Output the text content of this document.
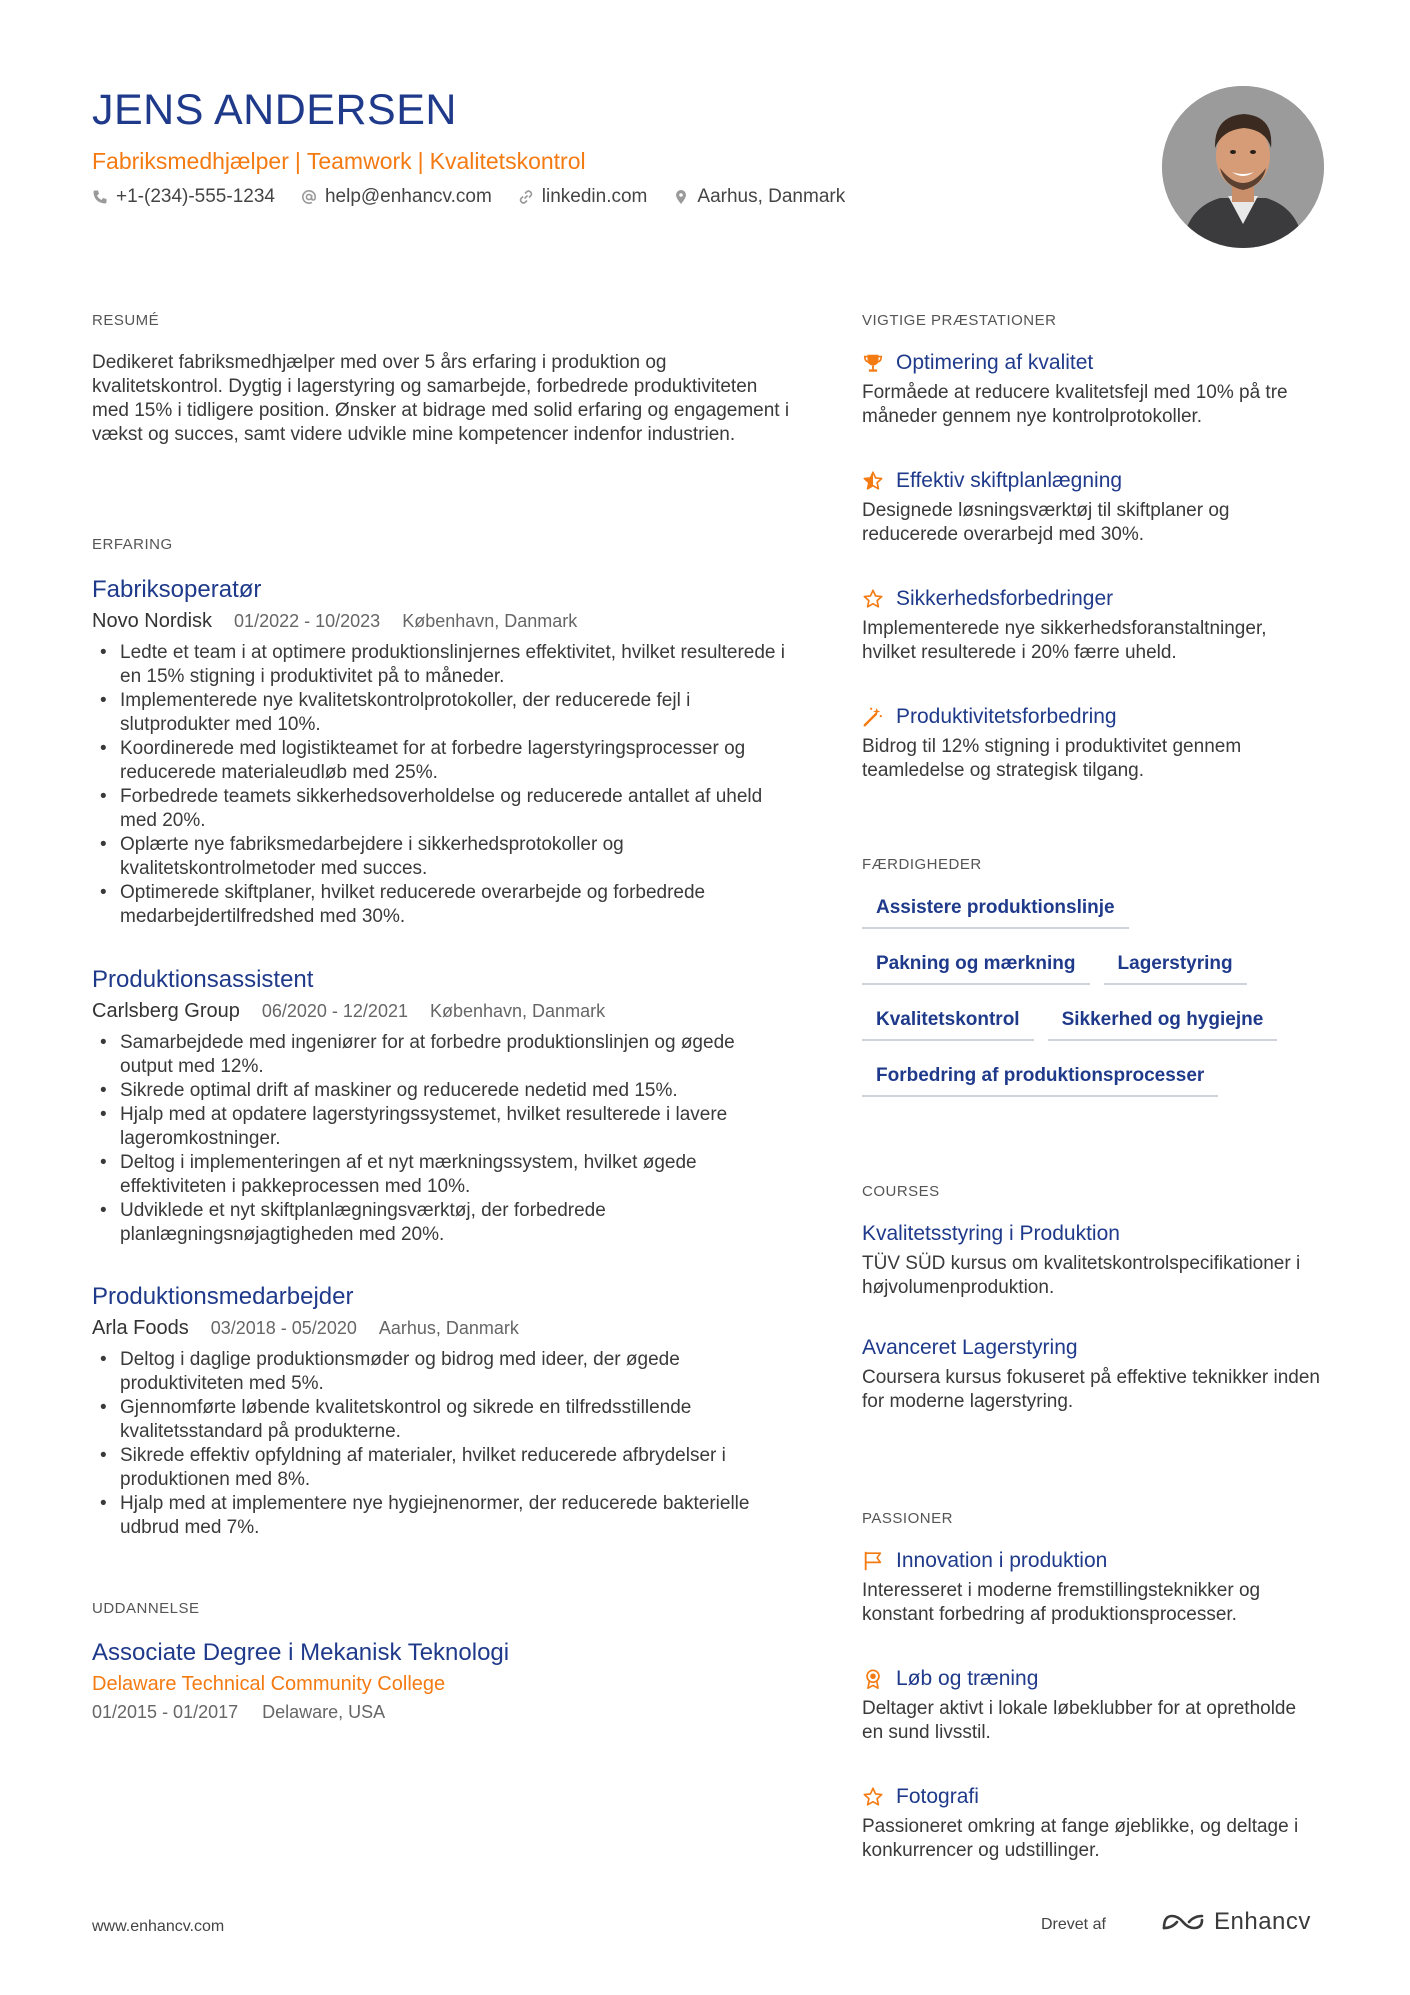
JENS ANDERSEN
Fabriksmedhjælper | Teamwork | Kvalitetskontrol
+1-(234)-555-1234	help@enhancv.com	linkedin.com	Aarhus, Danmark
RESUMÉ
Dedikeret fabriksmedhjælper med over 5 års erfaring i produktion og kvalitetskontrol. Dygtig i lagerstyring og samarbejde, forbedrede produktiviteten med 15% i tidligere position. Ønsker at bidrage med solid erfaring og engagement i vækst og succes, samt videre udvikle mine kompetencer indenfor industrien.
ERFARING
Fabriksoperatør
Novo Nordisk 01/2022 - 10/2023 København, Danmark
• Ledte et team i at optimere produktionslinjernes effektivitet, hvilket resulterede i en 15% stigning i produktivitet på to måneder.
• Implementerede nye kvalitetskontrolprotokoller, der reducerede fejl i slutprodukter med 10%.
• Koordinerede med logistikteamet for at forbedre lagerstyringsprocesser og reducerede materialeudløb med 25%.
• Forbedrede teamets sikkerhedsoverholdelse og reducerede antallet af uheld med 20%.
• Oplærte nye fabriksmedarbejdere i sikkerhedsprotokoller og kvalitetskontrolmetoder med succes.
• Optimerede skiftplaner, hvilket reducerede overarbejde og forbedrede medarbejdertilfredshed med 30%.
Produktionsassistent
Carlsberg Group 06/2020 - 12/2021 København, Danmark
• Samarbejdede med ingeniører for at forbedre produktionslinjen og øgede output med 12%.
• Sikrede optimal drift af maskiner og reducerede nedetid med 15%.
• Hjalp med at opdatere lagerstyringssystemet, hvilket resulterede i lavere lageromkostninger.
• Deltog i implementeringen af et nyt mærkningssystem, hvilket øgede effektiviteten i pakkeprocessen med 10%.
• Udviklede et nyt skiftplanlægningsværktøj, der forbedrede planlægningsnøjagtigheden med 20%.
Produktionsmedarbejder
Arla Foods 03/2018 - 05/2020 Aarhus, Danmark
• Deltog i daglige produktionsmøder og bidrog med ideer, der øgede produktiviteten med 5%.
• Gjennomførte løbende kvalitetskontrol og sikrede en tilfredsstillende kvalitetsstandard på produkterne.
• Sikrede effektiv opfyldning af materialer, hvilket reducerede afbrydelser i produktionen med 8%.
• Hjalp med at implementere nye hygiejnenormer, der reducerede bakterielle udbrud med 7%.
UDDANNELSE
Associate Degree i Mekanisk Teknologi
Delaware Technical Community College
01/2015 - 01/2017 Delaware, USA
VIGTIGE PRÆSTATIONER
Optimering af kvalitet
Formåede at reducere kvalitetsfejl med 10% på tre måneder gennem nye kontrolprotokoller.
Effektiv skiftplanlægning
Designede løsningsværktøj til skiftplaner og reducerede overarbejd med 30%.
Sikkerhedsforbedringer
Implementerede nye sikkerhedsforanstaltninger, hvilket resulterede i 20% færre uheld.
Produktivitetsforbedring
Bidrog til 12% stigning i produktivitet gennem teamledelse og strategisk tilgang.
FÆRDIGHEDER
Assistere produktionslinje
Pakning og mærkning	Lagerstyring
Kvalitetskontrol	Sikkerhed og hygiejne
Forbedring af produktionsprocesser
COURSES
Kvalitetsstyring i Produktion
TÜV SÜD kursus om kvalitetskontrolspecifikationer i højvolumenproduktion.
Avanceret Lagerstyring
Coursera kursus fokuseret på effektive teknikker inden for moderne lagerstyring.
PASSIONER
Innovation i produktion
Interesseret i moderne fremstillingsteknikker og konstant forbedring af produktionsprocesser.
Løb og træning
Deltager aktivt i lokale løbeklubber for at opretholde en sund livsstil.
Fotografi
Passioneret omkring at fange øjeblikke, og deltage i konkurrencer og udstillinger.
www.enhancv.com	Drevet af	Enhancv
